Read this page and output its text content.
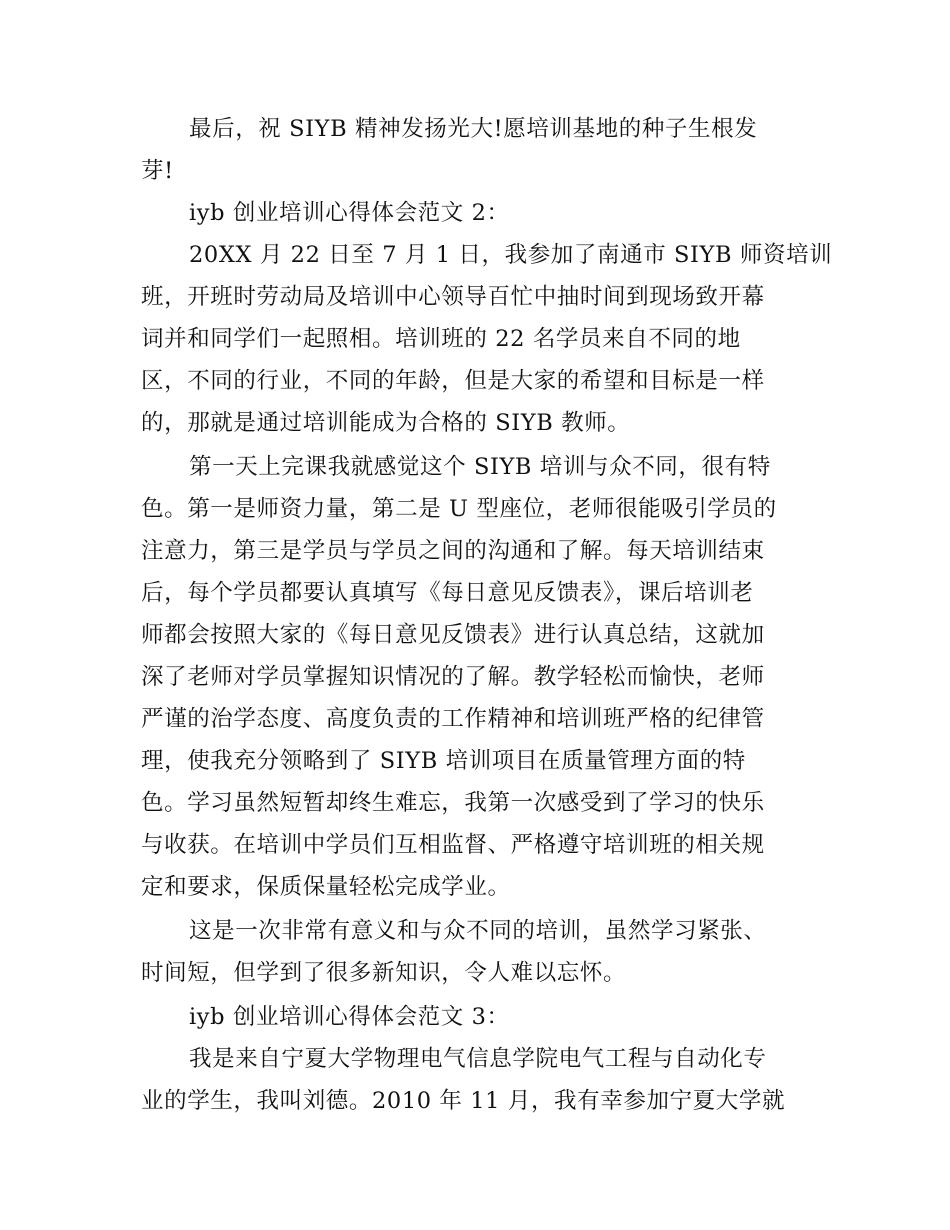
最后，祝 SIYB 精神发扬光大!愿培训基地的种子生根发
芽!
iyb 创业培训心得体会范文 2：
20XX 月 22 日至 7 月 1 日，我参加了南通市 SIYB 师资培训
班，开班时劳动局及培训中心领导百忙中抽时间到现场致开幕
词并和同学们一起照相。培训班的 22 名学员来自不同的地
区，不同的行业，不同的年龄，但是大家的希望和目标是一样
的，那就是通过培训能成为合格的 SIYB 教师。
第一天上完课我就感觉这个 SIYB 培训与众不同，很有特
色。第一是师资力量，第二是 U 型座位，老师很能吸引学员的
注意力，第三是学员与学员之间的沟通和了解。每天培训结束
后，每个学员都要认真填写《每日意见反馈表》，课后培训老
师都会按照大家的《每日意见反馈表》进行认真总结，这就加
深了老师对学员掌握知识情况的了解。教学轻松而愉快，老师
严谨的治学态度、高度负责的工作精神和培训班严格的纪律管
理，使我充分领略到了 SIYB 培训项目在质量管理方面的特
色。学习虽然短暂却终生难忘，我第一次感受到了学习的快乐
与收获。在培训中学员们互相监督、严格遵守培训班的相关规
定和要求，保质保量轻松完成学业。
这是一次非常有意义和与众不同的培训，虽然学习紧张、
时间短，但学到了很多新知识，令人难以忘怀。
iyb 创业培训心得体会范文 3：
我是来自宁夏大学物理电气信息学院电气工程与自动化专
业的学生，我叫刘德。2010 年 11 月，我有幸参加宁夏大学就
